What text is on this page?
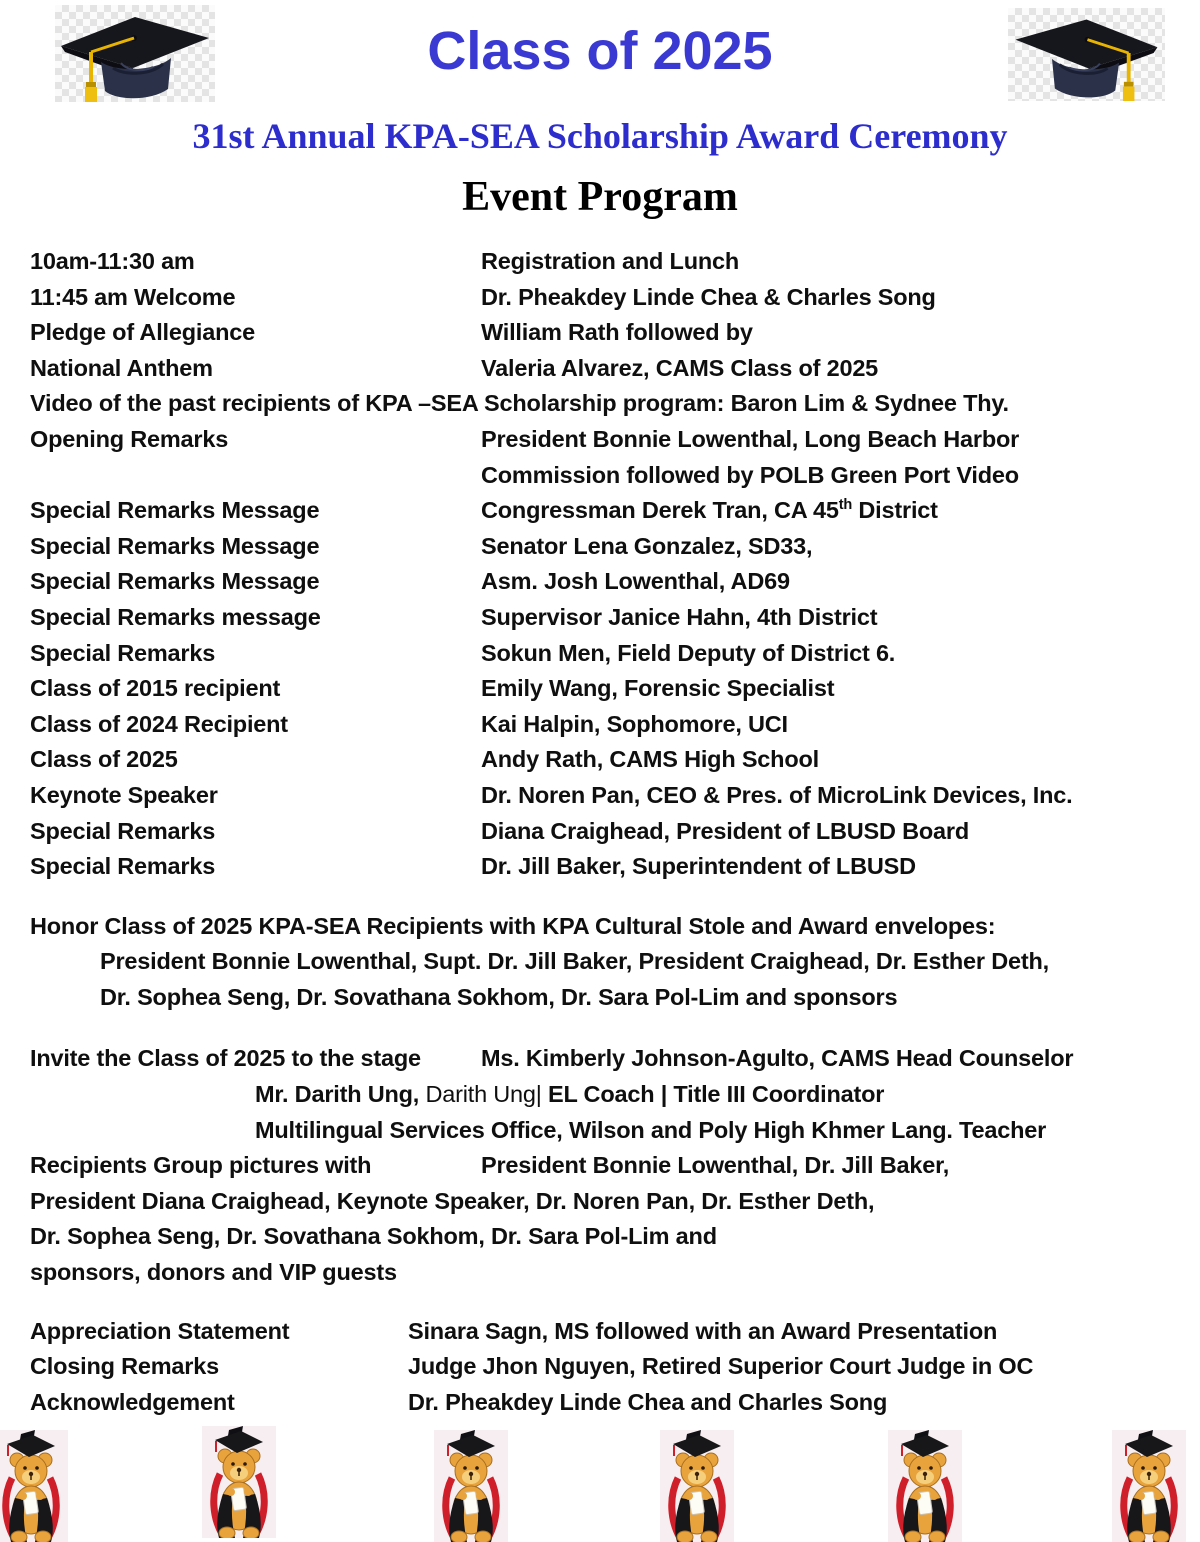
Class of 2025
31st Annual KPA-SEA Scholarship Award Ceremony
Event Program
10am-11:30 am	Registration and Lunch
11:45 am Welcome	Dr. Pheakdey Linde Chea & Charles Song
Pledge of Allegiance	William Rath followed by
National Anthem	Valeria Alvarez, CAMS Class of 2025
Video of the past recipients of KPA –SEA Scholarship program: Baron Lim & Sydnee Thy.
Opening Remarks	President Bonnie Lowenthal, Long Beach Harbor
Commission followed by POLB Green Port Video
Special Remarks Message	Congressman Derek Tran, CA 45th District
Special Remarks Message	Senator Lena Gonzalez, SD33,
Special Remarks Message	Asm. Josh Lowenthal, AD69
Special Remarks message	Supervisor Janice Hahn, 4th District
Special Remarks	Sokun Men, Field Deputy of District 6.
Class of 2015 recipient	Emily Wang, Forensic Specialist
Class of 2024 Recipient	Kai Halpin, Sophomore, UCI
Class of 2025	Andy Rath, CAMS High School
Keynote Speaker	Dr. Noren Pan, CEO & Pres. of MicroLink Devices, Inc.
Special Remarks	Diana Craighead, President of LBUSD Board
Special Remarks	Dr. Jill Baker, Superintendent of LBUSD

Honor Class of 2025 KPA-SEA Recipients with KPA Cultural Stole and Award envelopes:

President Bonnie Lowenthal, Supt. Dr. Jill Baker, President Craighead, Dr. Esther Deth,

Dr. Sophea Seng, Dr. Sovathana Sokhom, Dr. Sara Pol-Lim and sponsors

Invite the Class of 2025 to the stage	Ms. Kimberly Johnson-Agulto, CAMS Head Counselor

Mr. Darith Ung, Darith Ung| EL Coach | Title III Coordinator

Multilingual Services Office, Wilson and Poly High Khmer Lang. Teacher

Recipients Group pictures with	President Bonnie Lowenthal, Dr. Jill Baker,

President Diana Craighead, Keynote Speaker, Dr. Noren Pan, Dr. Esther Deth,

Dr. Sophea Seng, Dr. Sovathana Sokhom, Dr. Sara Pol-Lim and

sponsors, donors and VIP guests

Appreciation Statement	Sinara Sagn, MS followed with an Award Presentation
Closing Remarks	Judge Jhon Nguyen, Retired Superior Court Judge in OC
Acknowledgement	Dr. Pheakdey Linde Chea and Charles Song
